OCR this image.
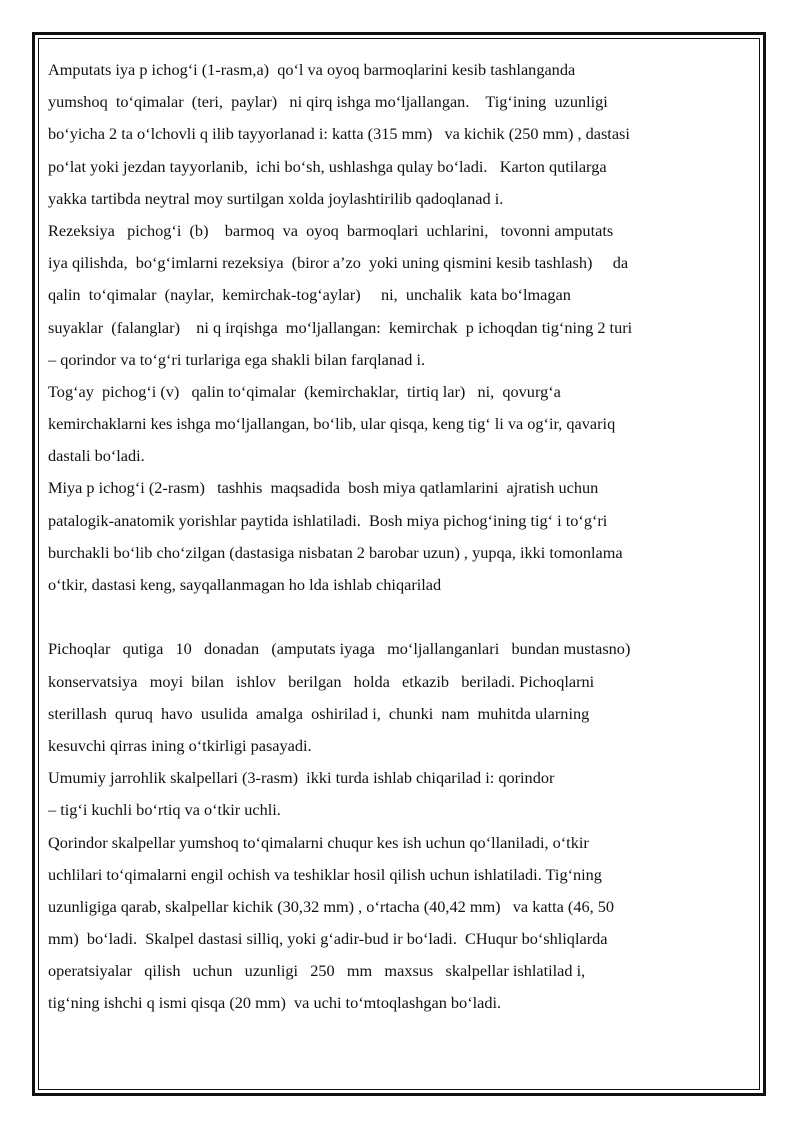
Amputats iya p ichog‘i (1-rasm,a)  qo‘l va oyoq barmoqlarini kesib tashlanganda
yumshoq  to‘qimalar  (teri,  paylar)   ni qirq ishga mo‘ljallangan.    Tig‘ining  uzunligi
bo‘yicha 2 ta o‘lchovli q ilib tayyorlanad i: katta (315 mm)   va kichik (250 mm) , dastasi
po‘lat yoki jezdan tayyorlanib,  ichi bo‘sh, ushlashga qulay bo‘ladi.   Karton qutilarga
yakka tartibda neytral moy surtilgan xolda joylashtirilib qadoqlanad i.
Rezeksiya   pichog‘i  (b)    barmoq  va  oyoq  barmoqlari  uchlarini,   tovonni amputats
iya qilishda,  bo‘g‘imlarni rezeksiya  (biror a’zo  yoki uning qismini kesib tashlash)     da
qalin  to‘qimalar  (naylar,  kemirchak-tog‘aylar)     ni,  unchalik  kata bo‘lmagan
suyaklar  (falanglar)    ni q irqishga  mo‘ljallangan:  kemirchak  p ichoqdan tig‘ning 2 turi
– qorindor va to‘g‘ri turlariga ega shakli bilan farqlanad i.
Tog‘ay  pichog‘i (v)   qalin to‘qimalar  (kemirchaklar,  tirtiq lar)   ni,  qovurg‘a
kemirchaklarni kes ishga mo‘ljallangan, bo‘lib, ular qisqa, keng tig‘ li va og‘ir, qavariq
dastali bo‘ladi.
Miya p ichog‘i (2-rasm)   tashhis  maqsadida  bosh miya qatlamlarini  ajratish uchun
patalogik-anatomik yorishlar paytida ishlatiladi.  Bosh miya pichog‘ining tig‘ i to‘g‘ri
burchakli bo‘lib cho‘zilgan (dastasiga nisbatan 2 barobar uzun) , yupqa, ikki tomonlama
o‘tkir, dastasi keng, sayqallanmagan ho lda ishlab chiqarilad
Pichoqlar   qutiga   10   donadan   (amputats iyaga   mo‘ljallanganlari   bundan mustasno)
konservatsiya   moyi  bilan   ishlov   berilgan   holda   etkazib   beriladi. Pichoqlarni
sterillash  quruq  havo  usulida  amalga  oshirilad i,  chunki  nam  muhitda ularning
kesuvchi qirras ining o‘tkirligi pasayadi.
Umumiy jarrohlik skalpellari (3-rasm)  ikki turda ishlab chiqarilad i: qorindor
– tig‘i kuchli bo‘rtiq va o‘tkir uchli.
Qorindor skalpellar yumshoq to‘qimalarni chuqur kes ish uchun qo‘llaniladi, o‘tkir
uchlilari to‘qimalarni engil ochish va teshiklar hosil qilish uchun ishlatiladi. Tig‘ning
uzunligiga qarab, skalpellar kichik (30,32 mm) , o‘rtacha (40,42 mm)   va katta (46, 50
mm)  bo‘ladi.  Skalpel dastasi silliq, yoki g‘adir-bud ir bo‘ladi.  CHuqur bo‘shliqlarda
operatsiyalar   qilish   uchun   uzunligi   250   mm   maxsus   skalpellar ishlatilad i,
tig‘ning ishchi q ismi qisqa (20 mm)  va uchi to‘mtoqlashgan bo‘ladi.
